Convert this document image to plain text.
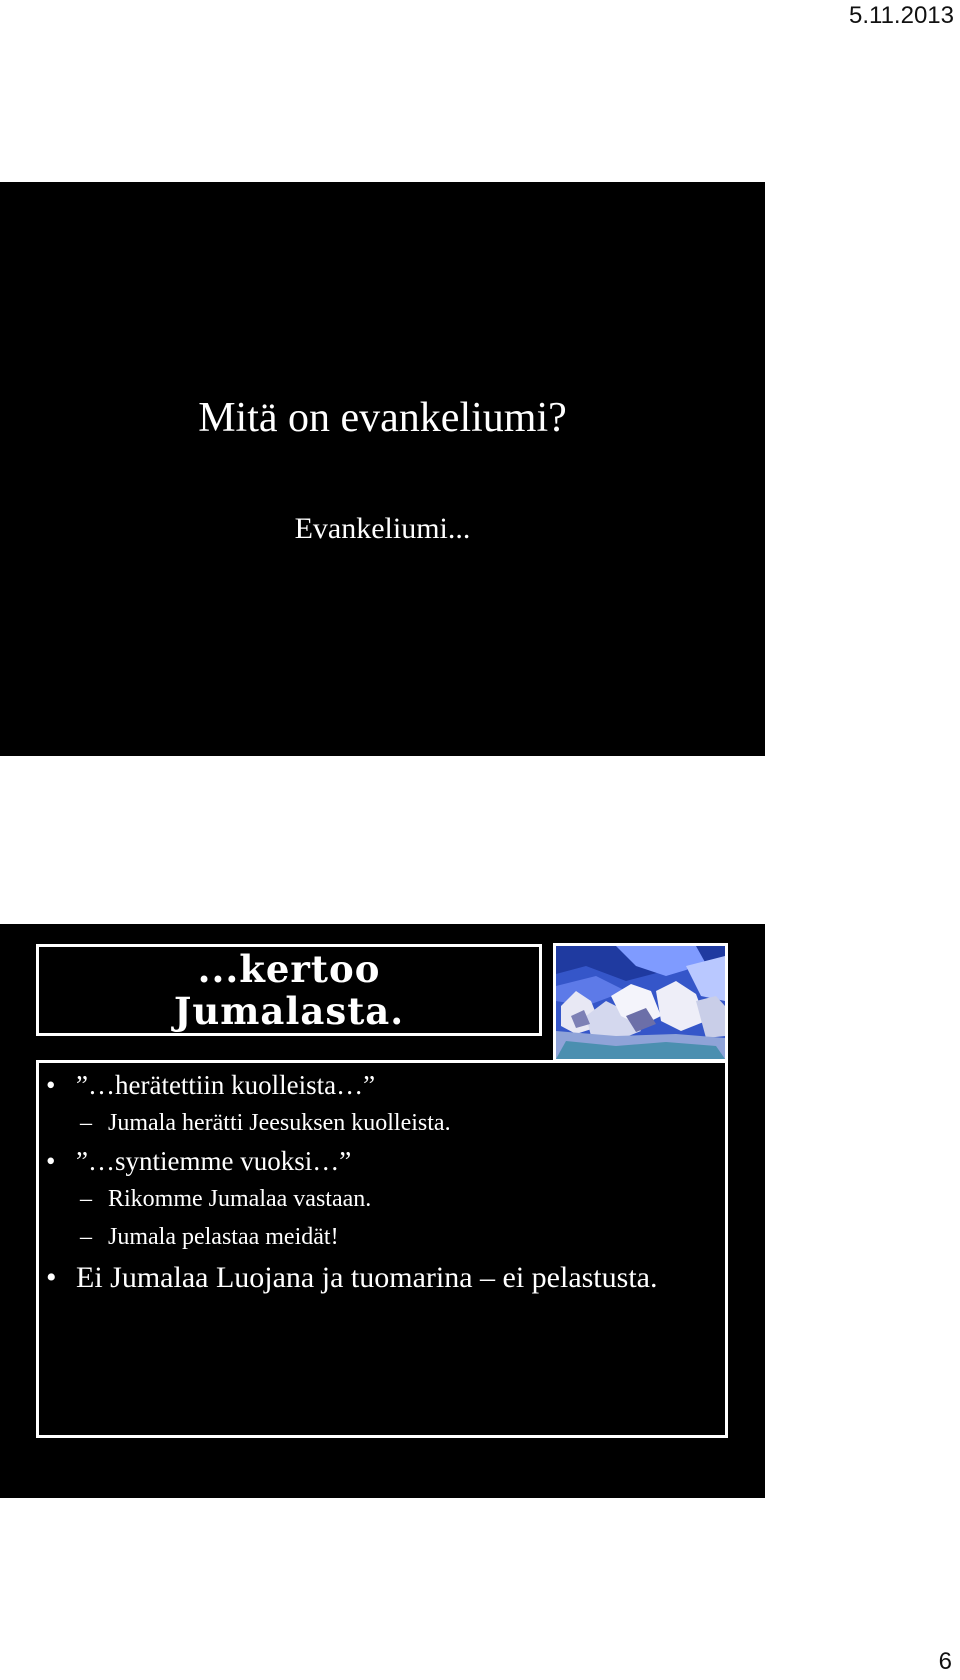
5.11.2013
Mitä on evankeliumi?
Evankeliumi...
...kertoo
Jumalasta.
• ”…herätettiin kuolleista…”
– Jumala herätti Jeesuksen kuolleista.
• ”…syntiemme vuoksi…”
– Rikomme Jumalaa vastaan.
– Jumala pelastaa meidät!
• Ei Jumalaa Luojana ja tuomarina – ei pelastusta.
6
